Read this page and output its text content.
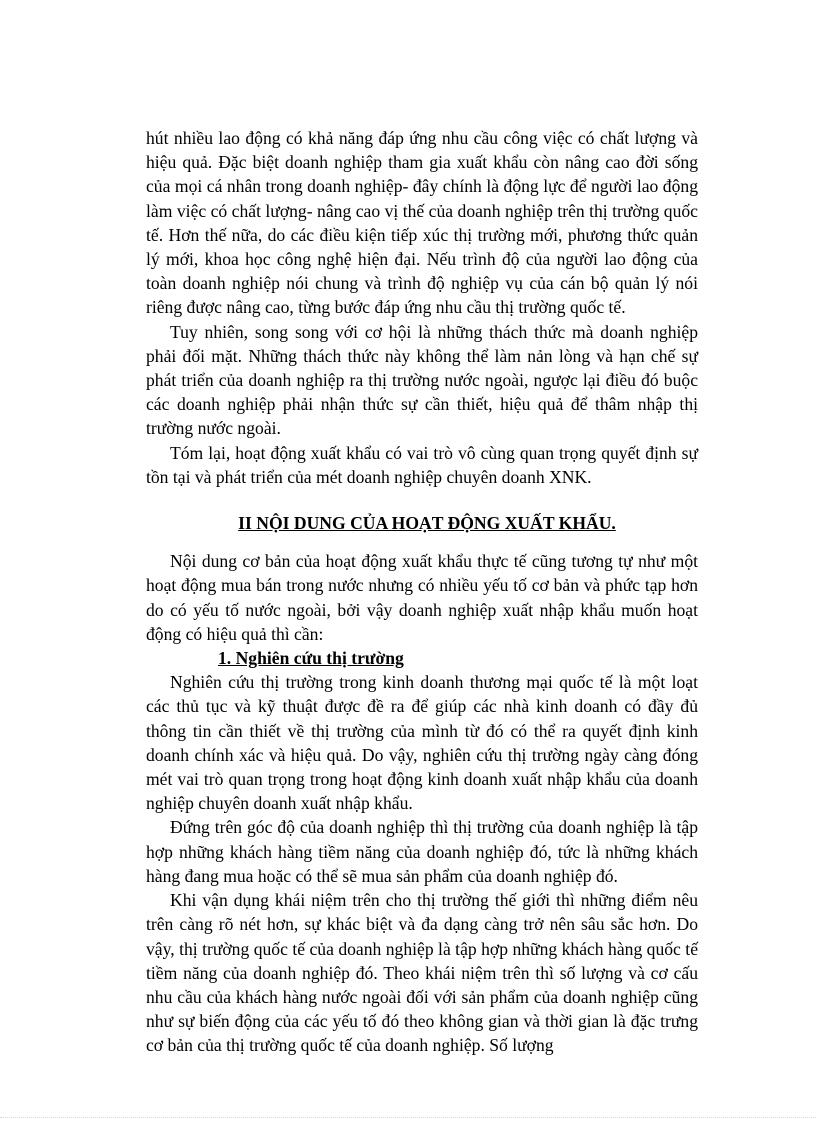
hút nhiều lao động có khả năng đáp ứng nhu cầu công việc có chất lượng và hiệu quả. Đặc biệt doanh nghiệp tham gia xuất khẩu còn nâng cao đời sống của mọi cá nhân trong doanh nghiệp- đây chính là động lực để người lao động làm việc có chất lượng- nâng cao vị thế của doanh nghiệp trên thị trường quốc tế. Hơn thế nữa, do các điều kiện tiếp xúc thị trường mới, phương thức quản lý mới, khoa học công nghệ hiện đại. Nếu trình độ của người lao động của toàn doanh nghiệp nói chung và trình độ nghiệp vụ của cán bộ quản lý nói riêng được nâng cao, từng bước đáp ứng nhu cầu thị trường quốc tế.

Tuy nhiên, song song với cơ hội là những thách thức mà doanh nghiệp phải đối mặt. Những thách thức này không thể làm nản lòng và hạn chế sự phát triển của doanh nghiệp ra thị trường nước ngoài, ngược lại điều đó buộc các doanh nghiệp phải nhận thức sự cần thiết, hiệu quả để thâm nhập thị trường nước ngoài.

Tóm lại, hoạt động xuất khẩu có vai trò vô cùng quan trọng quyết định sự tồn tại và phát triển của mét doanh nghiệp chuyên doanh XNK.

II NỘI DUNG CỦA HOẠT ĐỘNG XUẤT KHẨU.

Nội dung cơ bản của hoạt động xuất khẩu thực tế cũng tương tự như một hoạt động mua bán trong nước nhưng có nhiều yếu tố cơ bản và phức tạp hơn do có yếu tố nước ngoài, bởi vậy doanh nghiệp xuất nhập khẩu muốn hoạt động có hiệu quả thì cần:

1. Nghiên cứu thị trường

Nghiên cứu thị trường trong kinh doanh thương mại quốc tế là một loạt các thủ tục và kỹ thuật được đề ra để giúp các nhà kinh doanh có đầy đủ thông tin cần thiết về thị trường của mình từ đó có thể ra quyết định kinh doanh chính xác và hiệu quả. Do vậy, nghiên cứu thị trường ngày càng đóng mét vai trò quan trọng trong hoạt động kinh doanh xuất nhập khẩu của doanh nghiệp chuyên doanh xuất nhập khẩu.

Đứng trên góc độ của doanh nghiệp thì thị trường của doanh nghiệp là tập hợp những khách hàng tiềm năng của doanh nghiệp đó, tức là những khách hàng đang mua hoặc có thể sẽ mua sản phẩm của doanh nghiệp đó.

Khi vận dụng khái niệm trên cho thị trường thế giới thì những điểm nêu trên càng rõ nét hơn, sự khác biệt và đa dạng càng trở nên sâu sắc hơn. Do vậy, thị trường quốc tế của doanh nghiệp là tập hợp những khách hàng quốc tế tiềm năng của doanh nghiệp đó. Theo khái niệm trên thì số lượng và cơ cấu nhu cầu của khách hàng nước ngoài đối với sản phẩm của doanh nghiệp cũng như sự biến động của các yếu tố đó theo không gian và thời gian là đặc trưng cơ bản của thị trường quốc tế của doanh nghiệp. Số lượng
